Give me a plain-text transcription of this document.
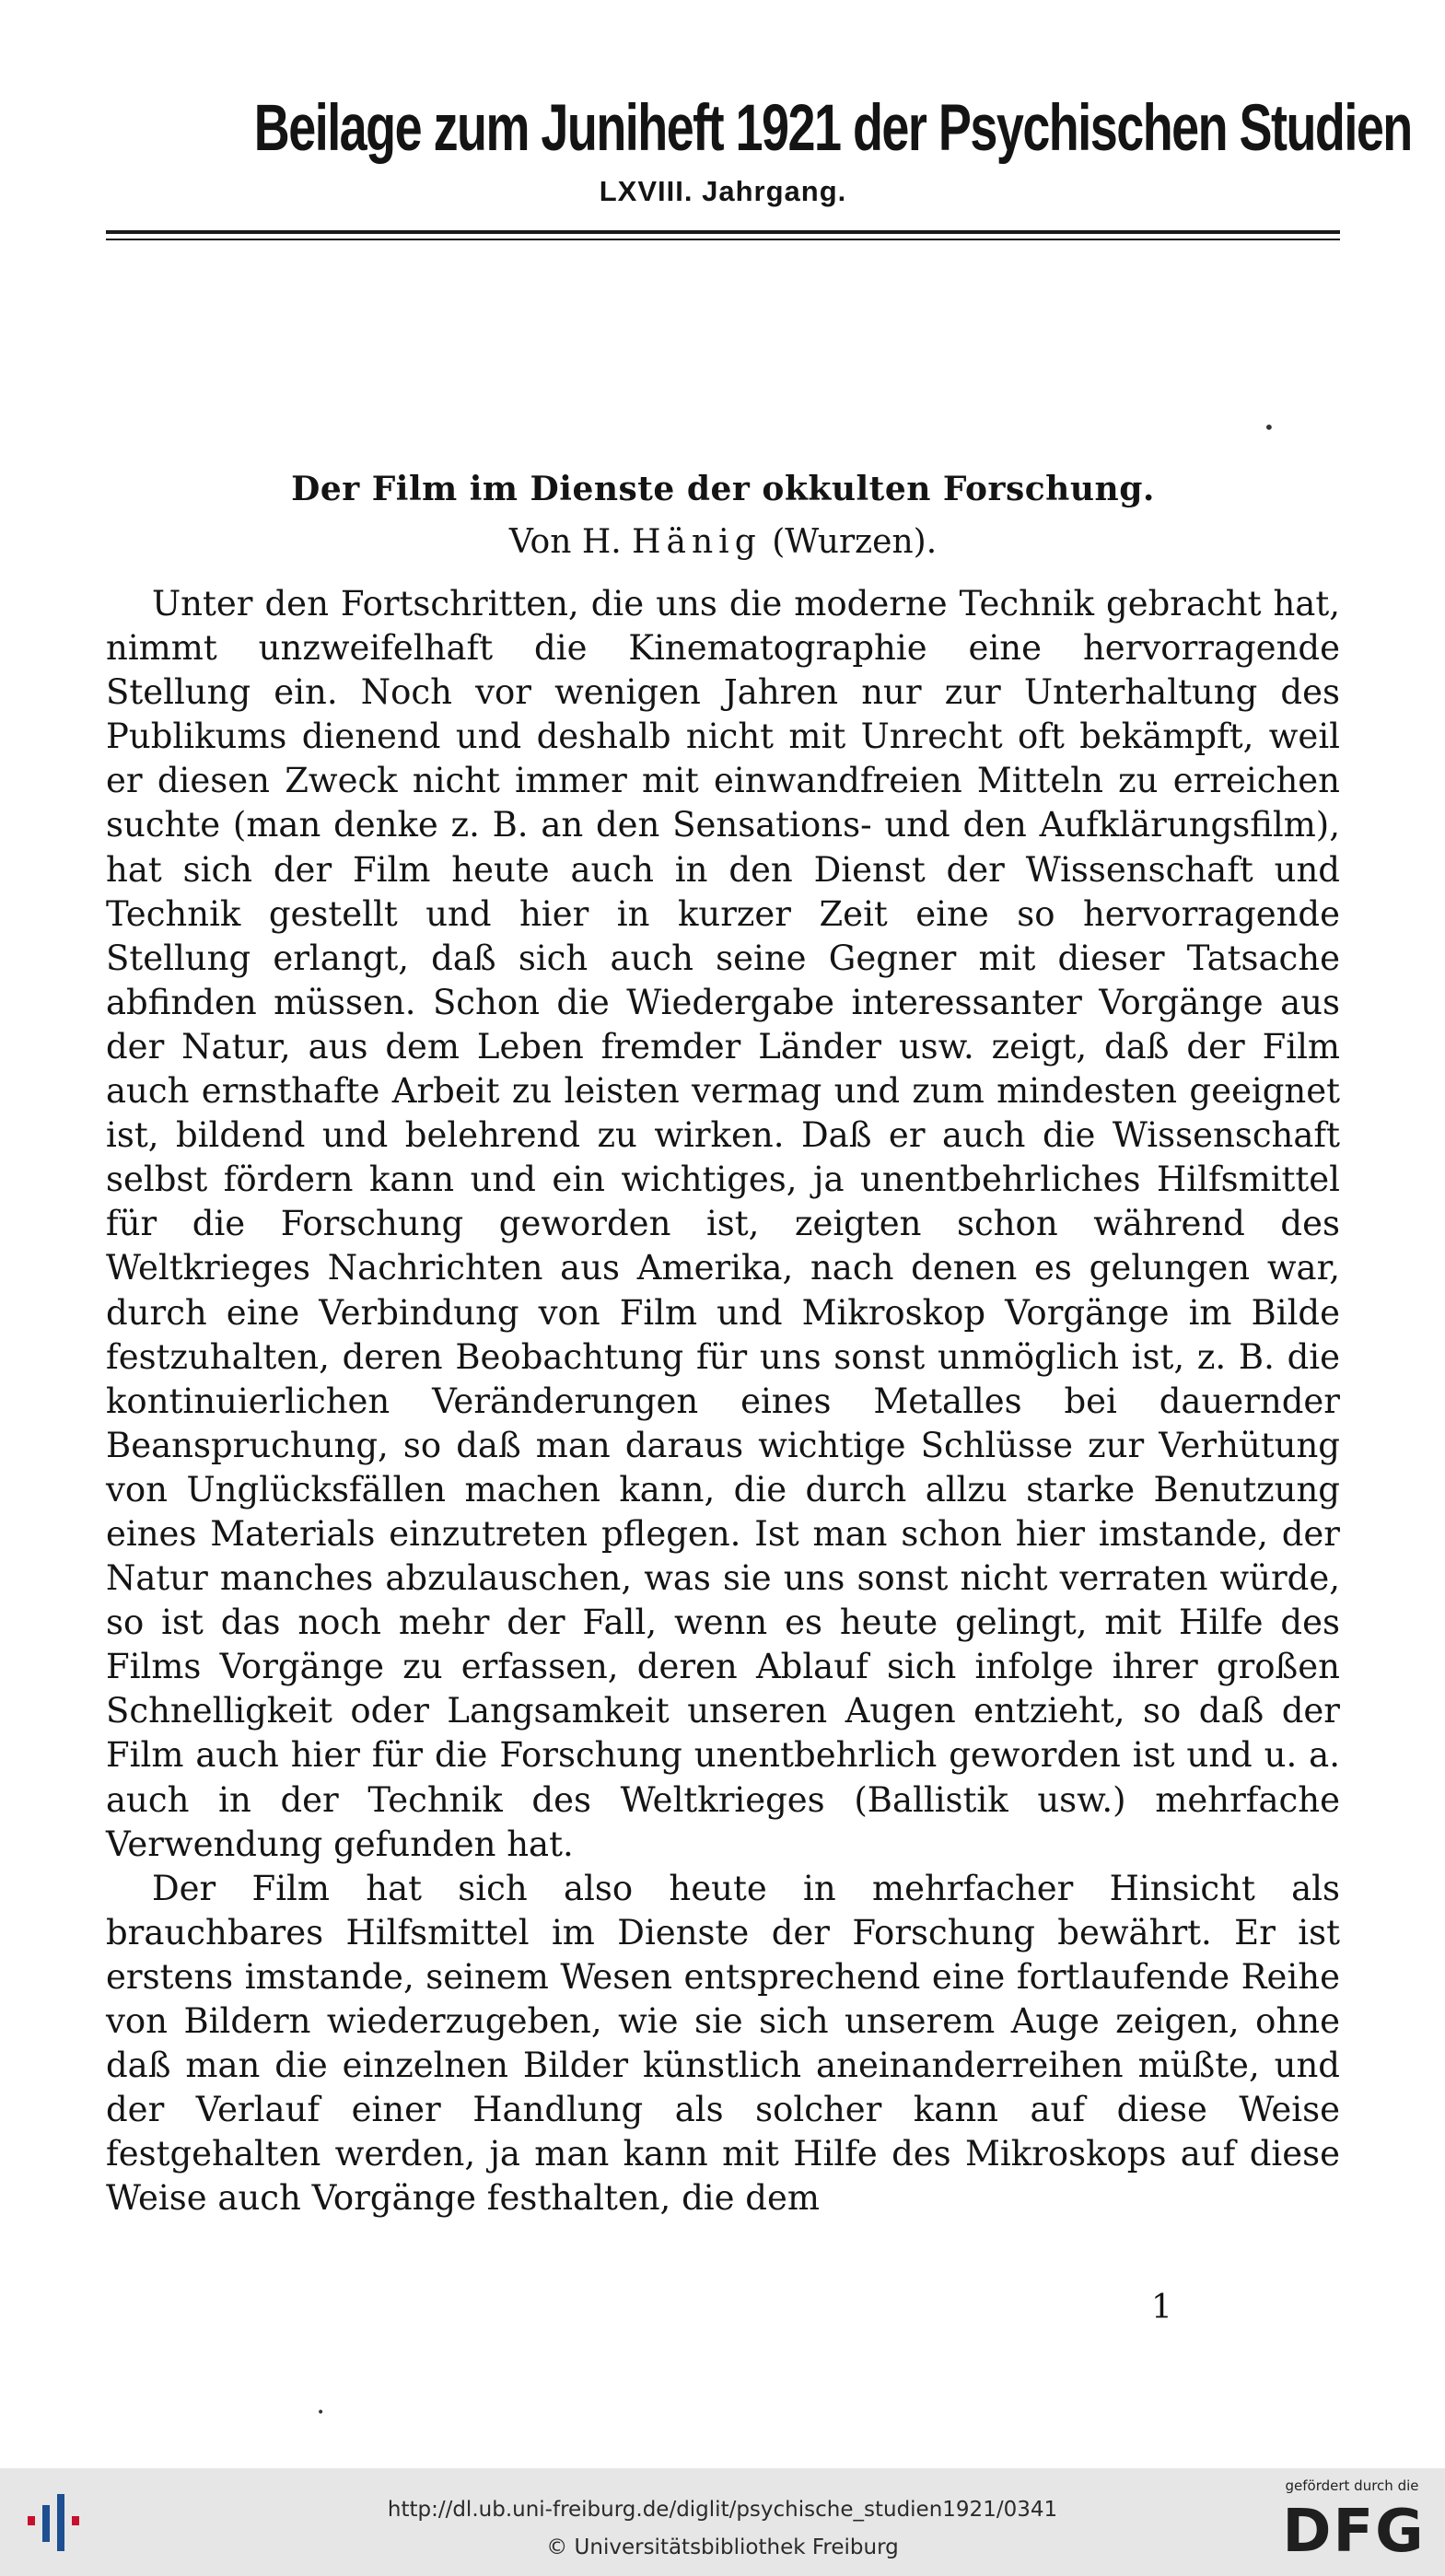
Beilage zum Juniheft 1921 der Psychischen Studien
LXVIII. Jahrgang.
•
Der Film im Dienste der okkulten Forschung.
Von H. Hänig (Wurzen).

Unter den Fortschritten, die uns die moderne Technik gebracht hat, nimmt unzweifelhaft die Kinematographie eine hervorragende Stellung ein. Noch vor wenigen Jahren nur zur Unterhaltung des Publikums dienend und deshalb nicht mit Unrecht oft bekämpft, weil er diesen Zweck nicht immer mit einwandfreien Mitteln zu erreichen suchte (man denke z. B. an den Sensations- und den Aufklärungsfilm), hat sich der Film heute auch in den Dienst der Wissenschaft und Technik gestellt und hier in kurzer Zeit eine so hervorragende Stellung erlangt, daß sich auch seine Gegner mit dieser Tatsache abfinden müssen. Schon die Wiedergabe interessanter Vorgänge aus der Natur, aus dem Leben fremder Länder usw. zeigt, daß der Film auch ernsthafte Arbeit zu leisten vermag und zum mindesten geeignet ist, bildend und belehrend zu wirken. Daß er auch die Wissenschaft selbst fördern kann und ein wichtiges, ja unentbehrliches Hilfsmittel für die Forschung geworden ist, zeigten schon während des Weltkrieges Nachrichten aus Amerika, nach denen es gelungen war, durch eine Verbindung von Film und Mikroskop Vorgänge im Bilde festzuhalten, deren Beobachtung für uns sonst unmöglich ist, z. B. die kontinuierlichen Veränderungen eines Metalles bei dauernder Beanspruchung, so daß man daraus wichtige Schlüsse zur Verhütung von Unglücksfällen machen kann, die durch allzu starke Benutzung eines Materials einzutreten pflegen. Ist man schon hier imstande, der Natur manches abzulauschen, was sie uns sonst nicht verraten würde, so ist das noch mehr der Fall, wenn es heute gelingt, mit Hilfe des Films Vorgänge zu erfassen, deren Ablauf sich infolge ihrer großen Schnelligkeit oder Langsamkeit unseren Augen entzieht, so daß der Film auch hier für die Forschung unentbehrlich geworden ist und u. a. auch in der Technik des Weltkrieges (Ballistik usw.) mehrfache Verwendung gefunden hat.

Der Film hat sich also heute in mehrfacher Hinsicht als brauchbares Hilfsmittel im Dienste der Forschung bewährt. Er ist erstens imstande, seinem Wesen entsprechend eine fortlaufende Reihe von Bildern wiederzugeben, wie sie sich unserem Auge zeigen, ohne daß man die einzelnen Bilder künstlich aneinanderreihen müßte, und der Verlauf einer Handlung als solcher kann auf diese Weise festgehalten werden, ja man kann mit Hilfe des Mikroskops auf diese Weise auch Vorgänge festhalten, die dem

1
•
http://dl.ub.uni-freiburg.de/diglit/psychische_studien1921/0341
© Universitätsbibliothek Freiburg
gefördert durch die
DFG
